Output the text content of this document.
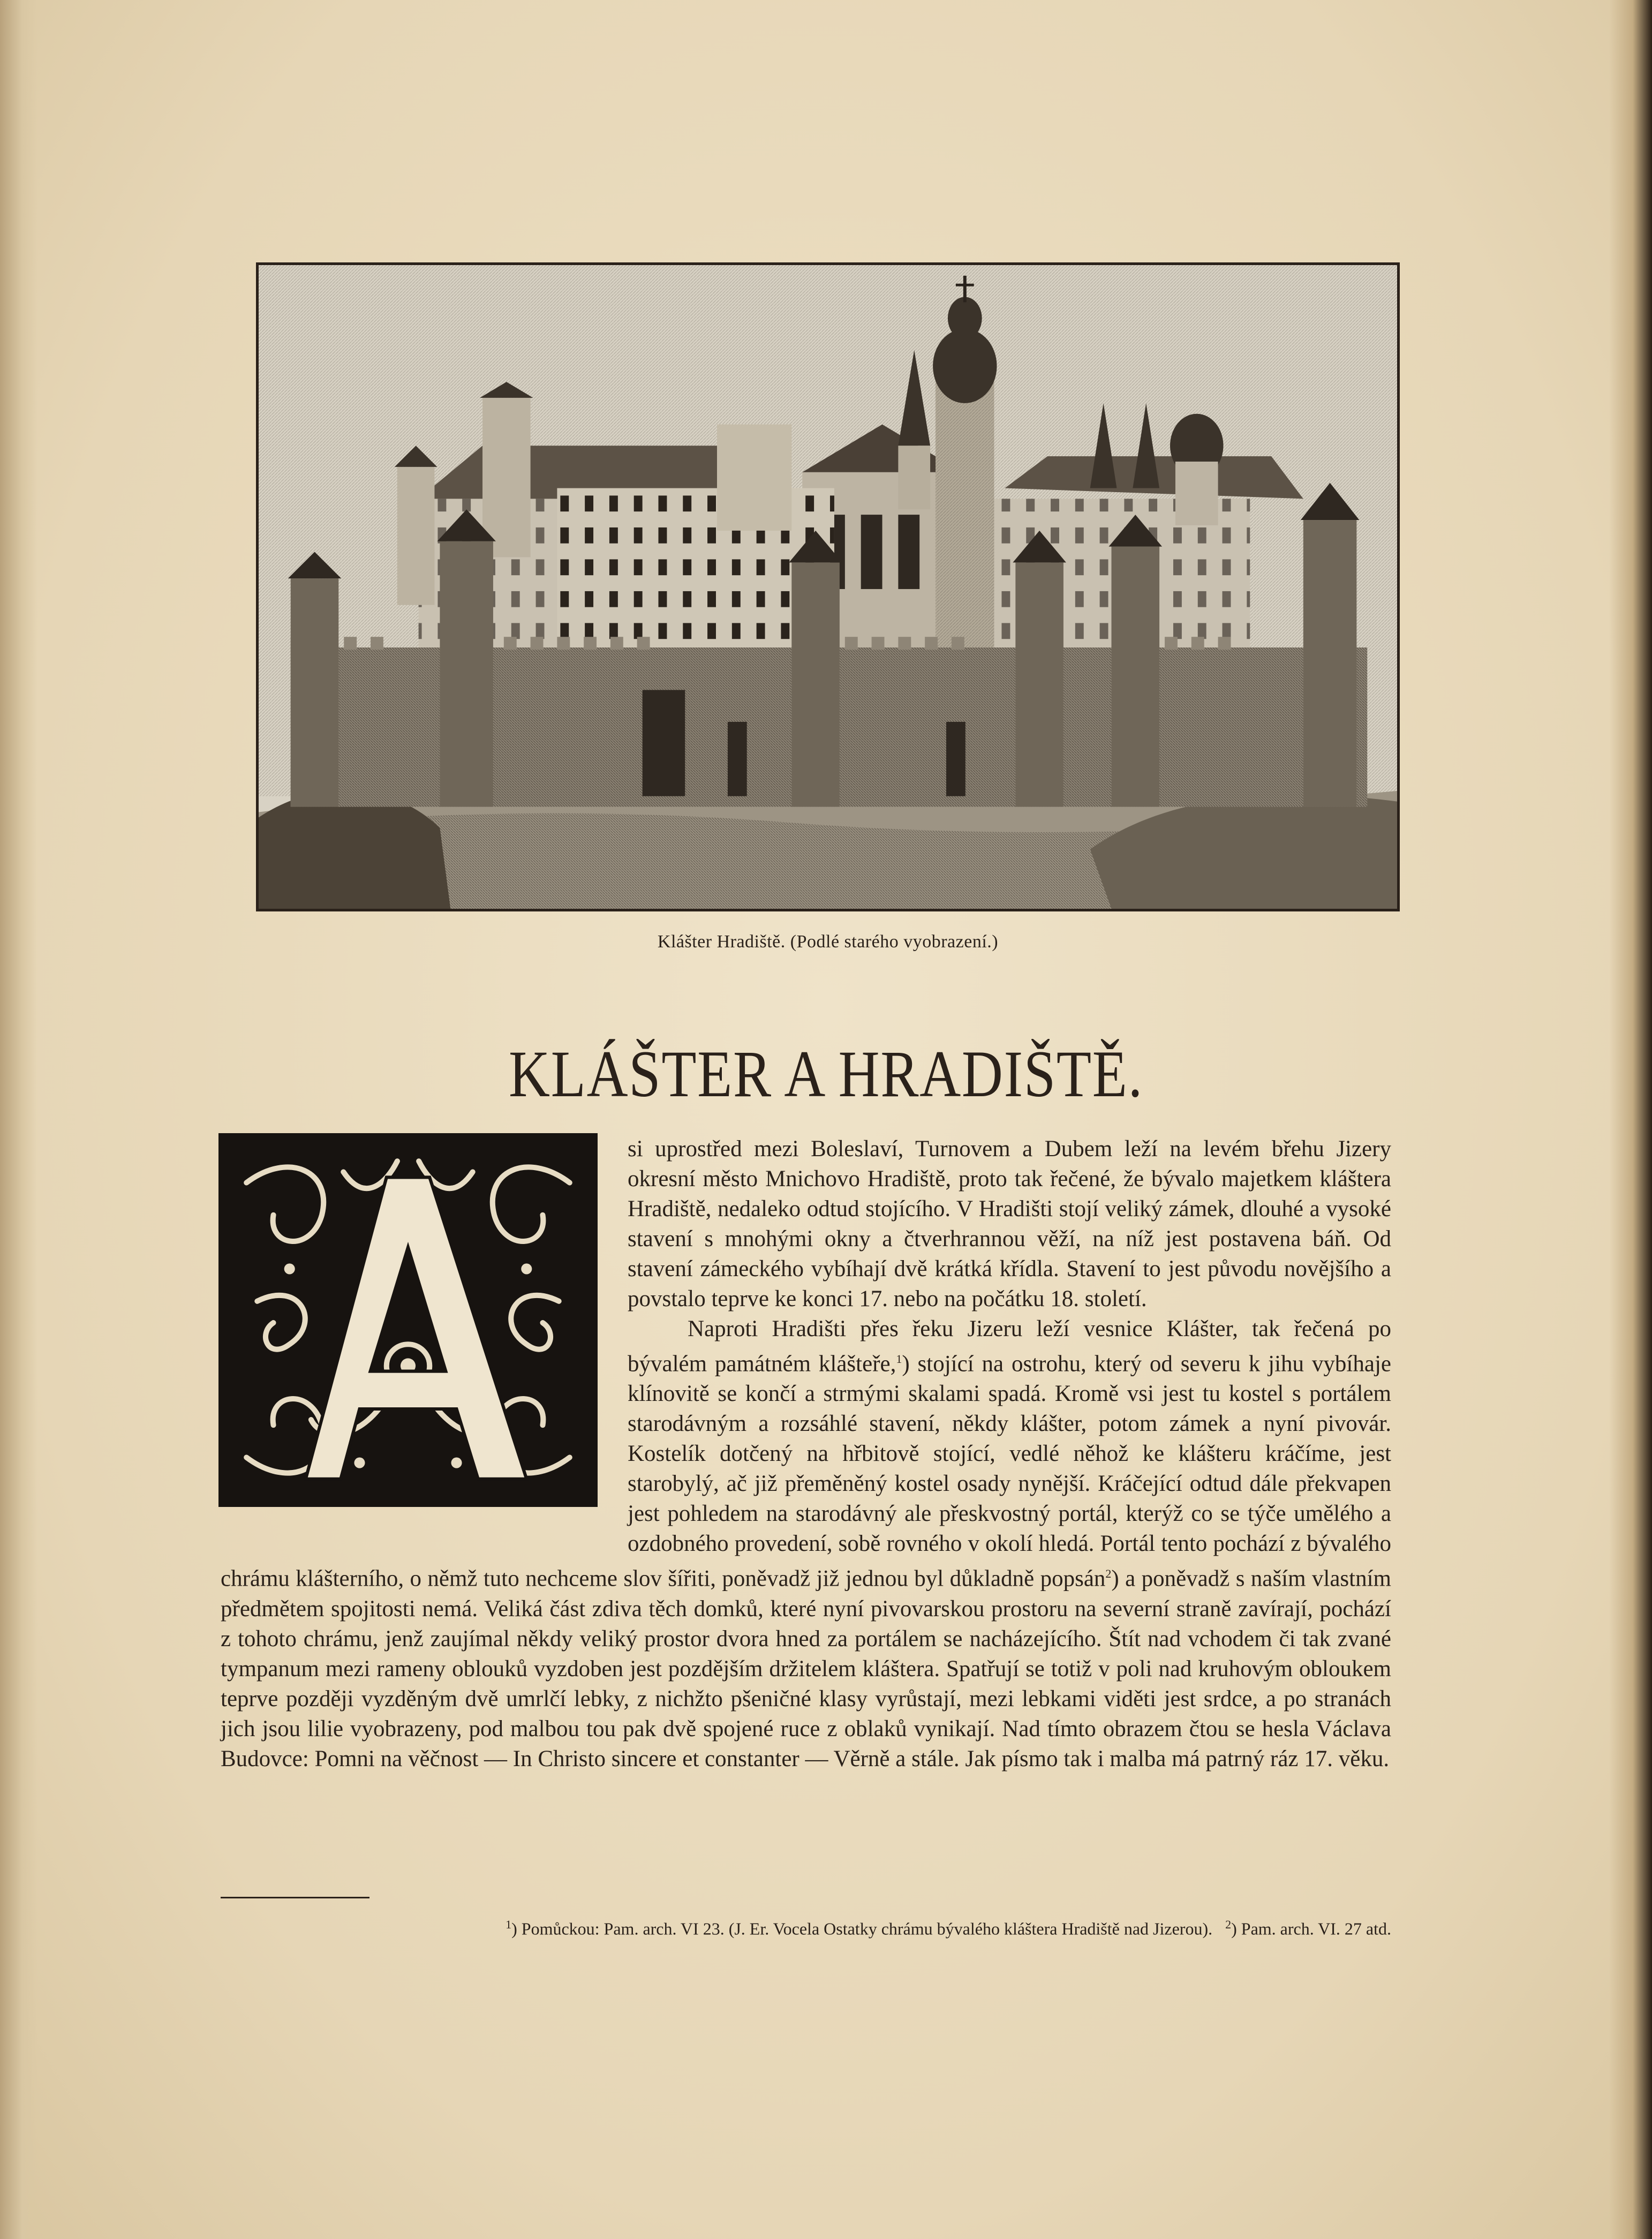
Klášter Hradiště. (Podlé starého vyobrazení.)
KLÁŠTER A HRADIŠTĚ.

si uprostřed mezi Boleslaví, Turnovem a Dubem leží na levém břehu Jizery okresní město Mnichovo Hradiště, proto tak řečené, že bývalo majetkem kláštera Hradiště, nedaleko odtud stojícího. V Hradišti stojí veliký zámek, dlouhé a vysoké stavení s mnohými okny a čtverhrannou věží, na níž jest postavena báň. Od stavení zámeckého vybíhají dvě krátká křídla. Stavení to jest původu novějšího a povstalo teprve ke konci 17. nebo na počátku 18. století.

Naproti Hradišti přes řeku Jizeru leží vesnice Klášter, tak řečená po bývalém památném klášteře,$^1$) stojící na ostrohu, který od severu k jihu vybíhaje klínovitě se končí a strmými skalami spadá. Kromě vsi jest tu kostel s portálem starodávným a rozsáhlé stavení, někdy klášter, potom zámek a nyní pivovár. Kostelík dotčený na hřbitově stojící, vedlé něhož ke klášteru kráčíme, jest starobylý, ač již přeměněný kostel osady nynější. Kráčející odtud dále překvapen jest pohledem na starodávný ale přeskvostný portál, kterýž co se týče umělého a ozdobného provedení, sobě rovného v okolí hledá. Portál tento pochází z bývalého chrámu klášterního, o němž tuto nechceme slov šířiti, poněvadž již jednou byl důkladně popsán$^2$) a poněvadž s naším vlastním předmětem spojitosti nemá. Veliká část zdiva těch domků, které nyní pivovarskou prostoru na severní straně zavírají, pochází z tohoto chrámu, jenž zaujímal někdy veliký prostor dvora hned za portálem se nacházejícího. Štít nad vchodem či tak zvané tympanum mezi rameny oblouků vyzdoben jest pozdějším držitelem kláštera. Spatřují se totiž v poli nad kruhovým obloukem teprve později vyzděným dvě umrlčí lebky, z nichžto pšeničné klasy vyrůstají, mezi lebkami viděti jest srdce, a po stranách jich jsou lilie vyobrazeny, pod malbou tou pak dvě spojené ruce z oblaků vynikají. Nad tímto obrazem čtou se hesla Václava Budovce: Pomni na věčnost — In Christo sincere et constanter — Věrně a stále. Jak písmo tak i malba má patrný ráz 17. věku.

$^1$) Pomůckou: Pam. arch. VI 23. (J. Er. Vocela Ostatky chrámu bývalého kláštera Hradiště nad Jizerou). $^2$) Pam. arch. VI. 27 atd.
